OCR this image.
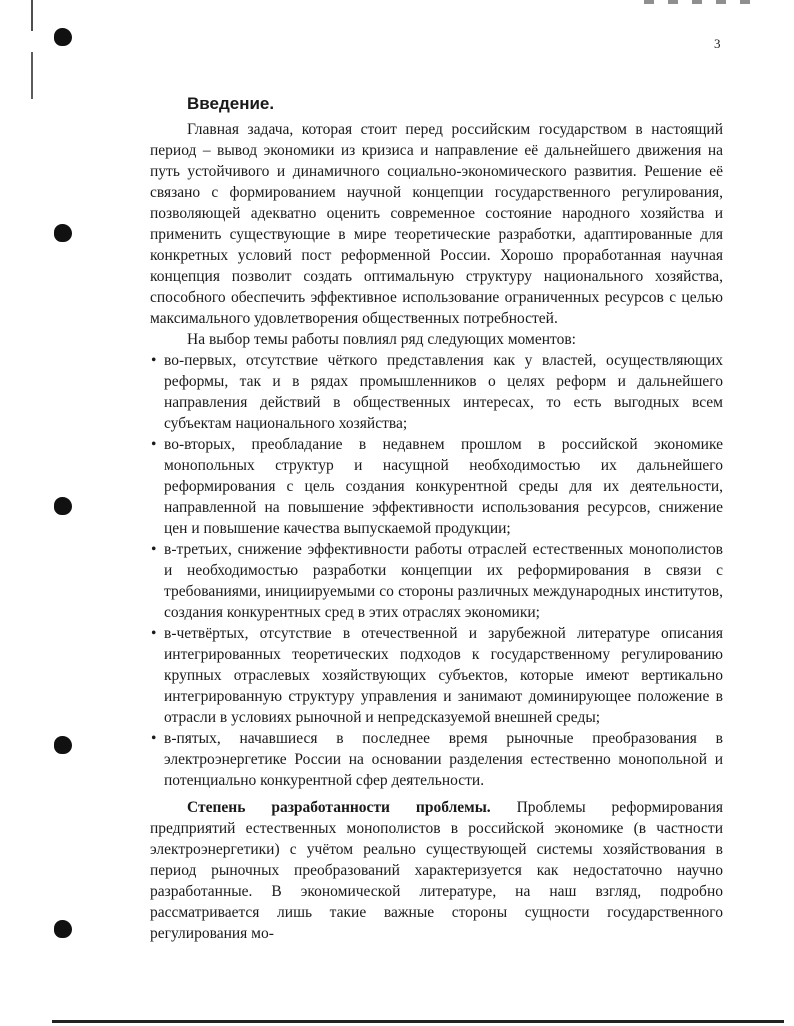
3
Введение.

Главная задача, которая стоит перед российским государством в настоящий период – вывод экономики из кризиса и направление её дальнейшего движения на путь устойчивого и динамичного социально-экономического развития. Решение её связано с формированием научной концепции государственного регулирования, позволяющей адекватно оценить современное состояние народного хозяйства и применить существующие в мире теоретические разработки, адаптированные для конкретных условий пост реформенной России. Хорошо проработанная научная концепция позволит создать оптимальную структуру национального хозяйства, способного обеспечить эффективное использование ограниченных ресурсов с целью максимального удовлетворения общественных потребностей.

На выбор темы работы повлиял ряд следующих моментов:

• во-первых, отсутствие чёткого представления как у властей, осуществляющих реформы, так и в рядах промышленников о целях реформ и дальнейшего направления действий в общественных интересах, то есть выгодных всем субъектам национального хозяйства;

• во-вторых, преобладание в недавнем прошлом в российской экономике монопольных структур и насущной необходимостью их дальнейшего реформирования с цель создания конкурентной среды для их деятельности, направленной на повышение эффективности использования ресурсов, снижение цен и повышение качества выпускаемой продукции;

• в-третьих, снижение эффективности работы отраслей естественных монополистов и необходимостью разработки концепции их реформирования в связи с требованиями, инициируемыми со стороны различных международных институтов, создания конкурентных сред в этих отраслях экономики;

• в-четвёртых, отсутствие в отечественной и зарубежной литературе описания интегрированных теоретических подходов к государственному регулированию крупных отраслевых хозяйствующих субъектов, которые имеют вертикально интегрированную структуру управления и занимают доминирующее положение в отрасли в условиях рыночной и непредсказуемой внешней среды;

• в-пятых, начавшиеся в последнее время рыночные преобразования в электроэнергетике России на основании разделения естественно монопольной и потенциально конкурентной сфер деятельности.

Степень разработанности проблемы. Проблемы реформирования предприятий естественных монополистов в российской экономике (в частности электроэнергетики) с учётом реально существующей системы хозяйствования в период рыночных преобразований характеризуется как недостаточно научно разработанные. В экономической литературе, на наш взгляд, подробно рассматривается лишь такие важные стороны сущности государственного регулирования мо-
